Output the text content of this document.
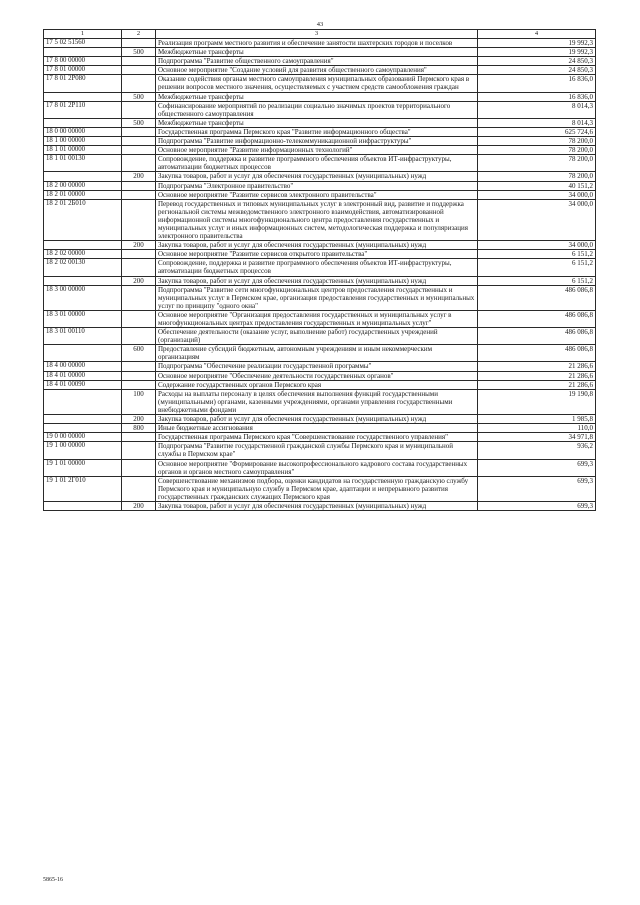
43
1	2	3	4
17 5 02 51560		Реализация программ местного развития и обеспечение занятости шахтерских городов и поселков	19 992,3
	500	Межбюджетные трансферты	19 992,3
17 8 00 00000		Подпрограмма "Развитие общественного самоуправления"	24 850,3
17 8 01 00000		Основное мероприятие "Создание условий для развития общественного самоуправления"	24 850,3
17 8 01 2Р080		Оказание содействия органам местного самоуправления муниципальных образований Пермского края в решении вопросов местного значения, осуществляемых с участием средств самообложения граждан	16 836,0
	500	Межбюджетные трансферты	16 836,0
17 8 01 2Р110		Софинансирование мероприятий по реализации социально значимых проектов территориального общественного самоуправления	8 014,3
	500	Межбюджетные трансферты	8 014,3
18 0 00 00000		Государственная программа Пермского края "Развитие информационного общества"	625 724,6
18 1 00 00000		Подпрограмма "Развитие информационно-телекоммуникационной инфраструктуры"	78 200,0
18 1 01 00000		Основное мероприятие "Развитие информационных технологий"	78 200,0
18 1 01 00130		Сопровождение, поддержка и развитие программного обеспечения объектов ИТ-инфраструктуры, автоматизации бюджетных процессов	78 200,0
	200	Закупка товаров, работ и услуг для обеспечения государственных (муниципальных) нужд	78 200,0
18 2 00 00000		Подпрограмма "Электронное правительство"	40 151,2
18 2 01 00000		Основное мероприятие "Развитие сервисов электронного правительства"	34 000,0
18 2 01 2Б010		Перевод государственных и типовых муниципальных услуг в электронный вид, развитие и поддержка региональной системы межведомственного электронного взаимодействия, автоматизированной информационной системы многофункционального центра предоставления государственных и муниципальных услуг и иных информационных систем, методологическая поддержка и популяризация электронного правительства	34 000,0
	200	Закупка товаров, работ и услуг для обеспечения государственных (муниципальных) нужд	34 000,0
18 2 02 00000		Основное мероприятие "Развитие сервисов открытого правительства"	6 151,2
18 2 02 00130		Сопровождение, поддержка и развитие программного обеспечения объектов ИТ-инфраструктуры, автоматизации бюджетных процессов	6 151,2
	200	Закупка товаров, работ и услуг для обеспечения государственных (муниципальных) нужд	6 151,2
18 3 00 00000		Подпрограмма "Развитие сети многофункциональных центров предоставления государственных и муниципальных услуг в Пермском крае, организация предоставления государственных и муниципальных услуг по принципу "одного окна"	486 086,8
18 3 01 00000		Основное мероприятие "Организация предоставления государственных и муниципальных услуг в многофункциональных центрах предоставления государственных и муниципальных услуг"	486 086,8
18 3 01 00110		Обеспечение деятельности (оказание услуг, выполнение работ) государственных учреждений (организаций)	486 086,8
	600	Предоставление субсидий бюджетным, автономным учреждениям и иным некоммерческим организациям	486 086,8
18 4 00 00000		Подпрограмма "Обеспечение реализации государственной программы"	21 286,6
18 4 01 00000		Основное мероприятие "Обеспечение деятельности государственных органов"	21 286,6
18 4 01 00090		Содержание государственных органов Пермского края	21 286,6
	100	Расходы на выплаты персоналу в целях обеспечения выполнения функций государственными (муниципальными) органами, казенными учреждениями, органами управления государственными внебюджетными фондами	19 190,8
	200	Закупка товаров, работ и услуг для обеспечения государственных (муниципальных) нужд	1 985,8
	800	Иные бюджетные ассигнования	110,0
19 0 00 00000		Государственная программа Пермского края "Совершенствование государственного управления"	34 971,8
19 1 00 00000		Подпрограмма "Развитие государственной гражданской службы Пермского края и муниципальной службы в Пермском крае"	936,2
19 1 01 00000		Основное мероприятие "Формирование высокопрофессионального кадрового состава государственных органов и органов местного самоуправления"	699,3
19 1 01 2Г010		Совершенствование механизмов подбора, оценки кандидатов на государственную гражданскую службу Пермского края и муниципальную службу в Пермском крае, адаптации и непрерывного развития государственных гражданских служащих Пермского края	699,3
	200	Закупка товаров, работ и услуг для обеспечения государственных (муниципальных) нужд	699,3
5865-16
